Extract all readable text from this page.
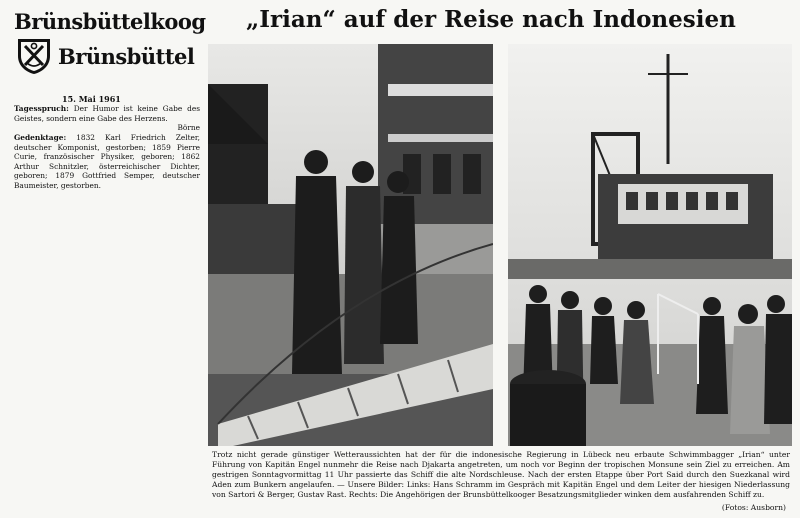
Brünsbüttelkoog
Brünsbüttel
15. Mai 1961
Tagesspruch: Der Humor ist keine Gabe des Geistes, sondern eine Gabe des Herzens.
Börne
Gedenktage: 1832 Karl Friedrich Zelter, deutscher Komponist, gestorben; 1859 Pierre Curie, französischer Physiker, geboren; 1862 Arthur Schnitzler, österreichischer Dichter, geboren; 1879 Gottfried Semper, deutscher Baumeister, gestorben.
„Irian“ auf der Reise nach Indonesien
Trotz nicht gerade günstiger Wetteraussichten hat der für die indonesische Regierung in Lübeck neu erbaute Schwimmbagger „Irian“ unter Führung von Kapitän Engel nunmehr die Reise nach Djakarta angetreten, um noch vor Beginn der tropischen Monsune sein Ziel zu erreichen. Am gestrigen Sonntagvormittag 11 Uhr passierte das Schiff die alte Nordschleuse. Nach der ersten Etappe über Port Said durch den Suezkanal wird Aden zum Bunkern angelaufen. — Unsere Bilder: Links: Hans Schramm im Gespräch mit Kapitän Engel und dem Leiter der hiesigen Niederlassung von Sartori & Berger, Gustav Rast. Rechts: Die Angehörigen der Brunsbüttelkooger Besatzungsmitglieder winken dem ausfahrenden Schiff zu.
(Fotos: Ausborn)
